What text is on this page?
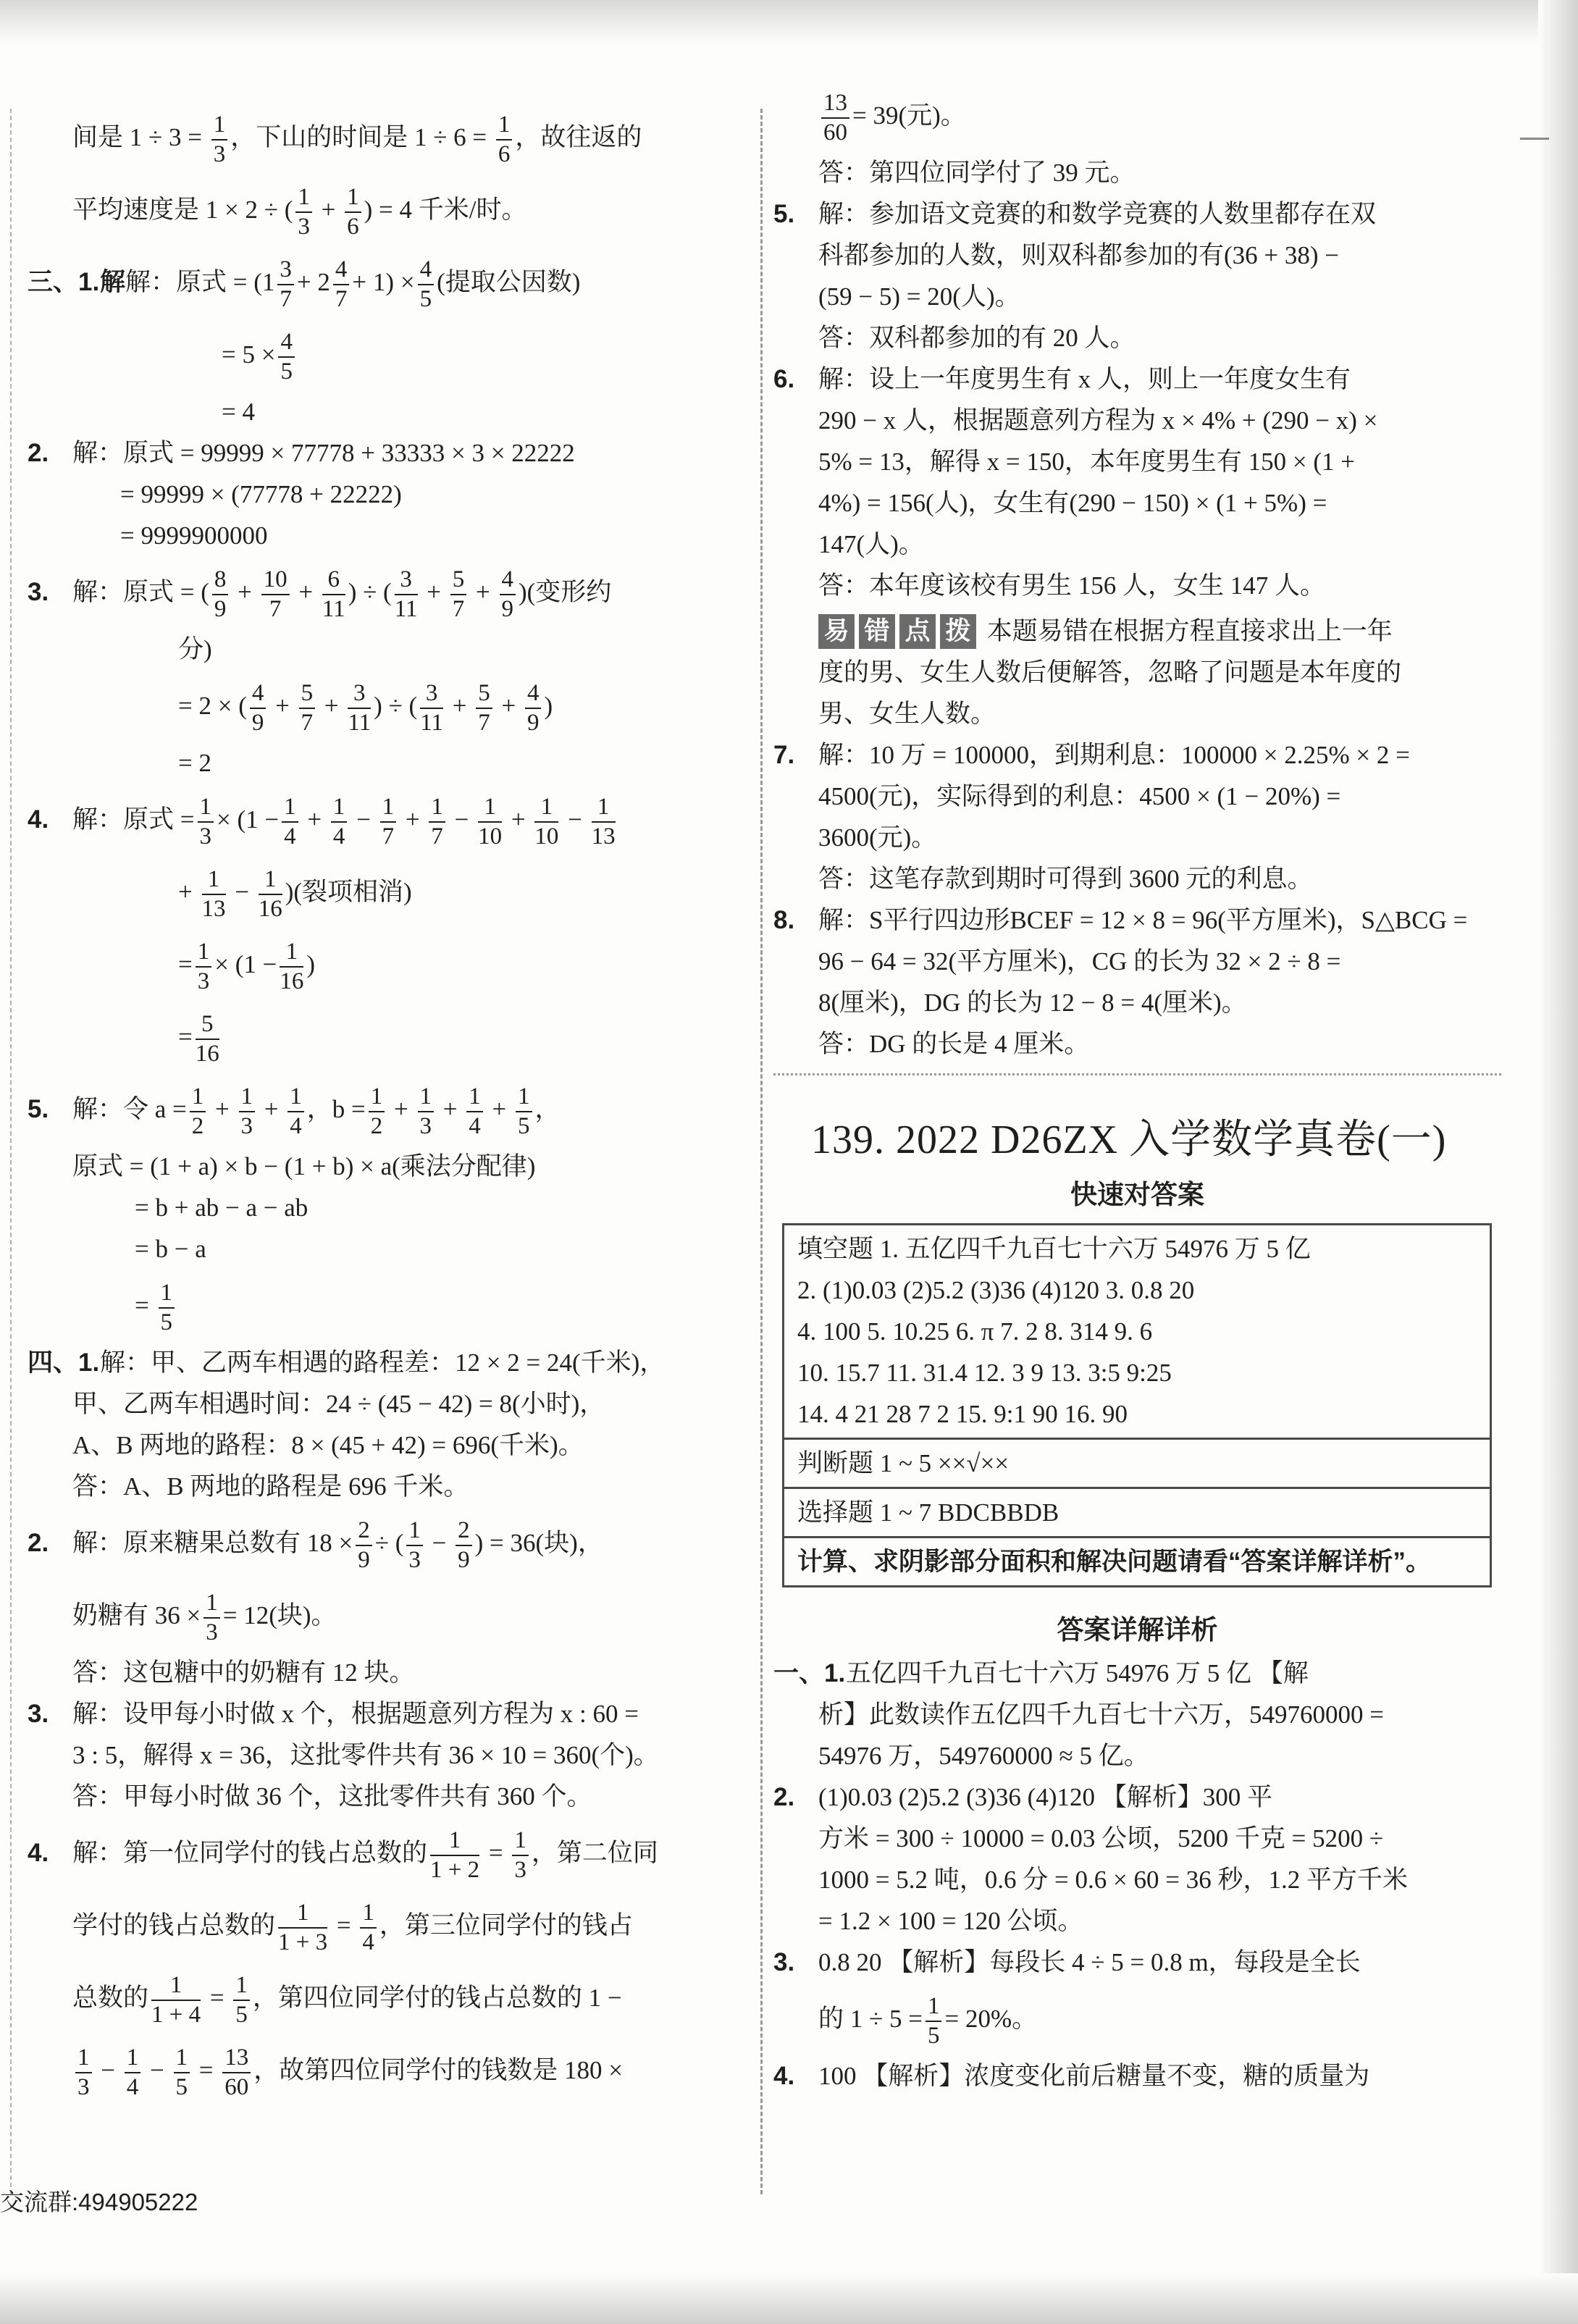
间是 $1 \div 3 = \frac{1}{3}$ ，下山的时间是 $1 \div 6 = \frac{1}{6}$ ，故往返的
平均速度是 1 × 2 ÷ ( $\frac{1}{3} + \frac{1}{6}$ ) = 4 千米/时。
三、1.解解：原式 = $(1 \frac{3}{7} + 2 \frac{4}{7} + 1) \times \frac{4}{5}$ (提取公因数)
= $5 \times \frac{4}{5}$
= 4
2. 解：原式 = 99999 × 77778 + 33333 × 3 × 22222
= 99999 × (77778 + 22222)
= 9999900000
3. 解：原式 = ( $\frac{8}{9} + \frac{10}{7} + \frac{6}{11}$ ) ÷ ( $\frac{3}{11} + \frac{5}{7} + \frac{4}{9}$ )(变形约
分)
= 2 × ( $\frac{4}{9} + \frac{5}{7} + \frac{3}{11}$ ) ÷ ( $\frac{3}{11} + \frac{5}{7} + \frac{4}{9}$ )
= 2
4. 解：原式 = $\frac{1}{3} \times (1 - \frac{1}{4} + \frac{1}{4} - \frac{1}{7} + \frac{1}{7} - \frac{1}{10} + \frac{1}{10} - \frac{1}{13}$
+ $\frac{1}{13} - \frac{1}{16}$ )(裂项相消)
= $\frac{1}{3} \times (1 - \frac{1}{16}$ )
= $\frac{5}{16}$
5. 解：令 $a = \frac{1}{2} + \frac{1}{3} + \frac{1}{4}$ ，$b = \frac{1}{2} + \frac{1}{3} + \frac{1}{4} + \frac{1}{5}$ ，
原式 = (1 + a) × b − (1 + b) × a(乘法分配律)
= b + ab − a − ab
= b − a
= $\frac{1}{5}$
四、1.解：甲、乙两车相遇的路程差：12 × 2 = 24(千米)，
甲、乙两车相遇时间：24 ÷ (45 − 42) = 8(小时)，
A、B 两地的路程：8 × (45 + 42) = 696(千米)。
答：A、B 两地的路程是 696 千米。
2. 解：原来糖果总数有 $18 \times \frac{2}{9}$ ÷ ( $\frac{1}{3} - \frac{2}{9}$ ) = 36(块)，
奶糖有 $36 \times \frac{1}{3} = 12$(块)。
答：这包糖中的奶糖有 12 块。
3. 解：设甲每小时做 x 个，根据题意列方程为 x : 60 =
3 : 5，解得 x = 36，这批零件共有 36 × 10 = 360(个)。
答：甲每小时做 36 个，这批零件共有 360 个。
4. 解：第一位同学付的钱占总数的 $\frac{1}{1 + 2} = \frac{1}{3}$ ，第二位同
学付的钱占总数的 $\frac{1}{1 + 3} = \frac{1}{4}$ ，第三位同学付的钱占
总数的 $\frac{1}{1 + 4} = \frac{1}{5}$ ，第四位同学付的钱占总数的 1 −
$\frac{1}{3} - \frac{1}{4} - \frac{1}{5} = \frac{13}{60}$ ，故第四位同学付的钱数是 180 ×
$\frac{13}{60} = 39$(元)。
答：第四位同学付了 39 元。
5. 解：参加语文竞赛的和数学竞赛的人数里都存在双
科都参加的人数，则双科都参加的有(36 + 38) −
(59 − 5) = 20(人)。
答：双科都参加的有 20 人。
6. 解：设上一年度男生有 x 人，则上一年度女生有
290 − x 人，根据题意列方程为 x × 4% + (290 − x) ×
5% = 13，解得 x = 150，本年度男生有 150 × (1 +
4%) = 156(人)，女生有(290 − 150) × (1 + 5%) =
147(人)。
答：本年度该校有男生 156 人，女生 147 人。
易 错 点 拨 本题易错在根据方程直接求出上一年
度的男、女生人数后便解答，忽略了问题是本年度的
男、女生人数。
7. 解：10 万 = 100000，到期利息：100000 × 2.25% × 2 =
4500(元)，实际得到的利息：4500 × (1 − 20%) =
3600(元)。
答：这笔存款到期时可得到 3600 元的利息。
8. 解：S平行四边形BCEF = 12 × 8 = 96(平方厘米)，S△BCG =
96 − 64 = 32(平方厘米)，CG 的长为 32 × 2 ÷ 8 =
8(厘米)，DG 的长为 12 − 8 = 4(厘米)。
答：DG 的长是 4 厘米。
139. 2022 D26ZX 入学数学真卷(一)
快速对答案
填空题 1. 五亿四千九百七十六万 54976 万 5 亿
2. (1)0.03 (2)5.2 (3)36 (4)120 3. 0.8 20
4. 100 5. 10.25 6. π 7. 2 8. 314 9. 6
10. 15.7 11. 31.4 12. 3 9 13. 3:5 9:25
14. 4 21 28 7 2 15. 9:1 90 16. 90

判断题 1 ~ 5 ××√××

选择题 1 ~ 7 BDCBBDB

计算、求阴影部分面积和解决问题请看“答案详解详析”。
答案详解详析
一、1.五亿四千九百七十六万 54976 万 5 亿 【解
析】此数读作五亿四千九百七十六万，549760000 =
54976 万，549760000 ≈ 5 亿。
2. (1)0.03 (2)5.2 (3)36 (4)120 【解析】300 平
方米 = 300 ÷ 10000 = 0.03 公顷，5200 千克 = 5200 ÷
1000 = 5.2 吨，0.6 分 = 0.6 × 60 = 36 秒，1.2 平方千米
= 1.2 × 100 = 120 公顷。
3. 0.8 20 【解析】每段长 4 ÷ 5 = 0.8 m，每段是全长
的 $1 \div 5 = \frac{1}{5} = 20\%$。
4. 100 【解析】浓度变化前后糖量不变，糖的质量为
交流群:494905222
